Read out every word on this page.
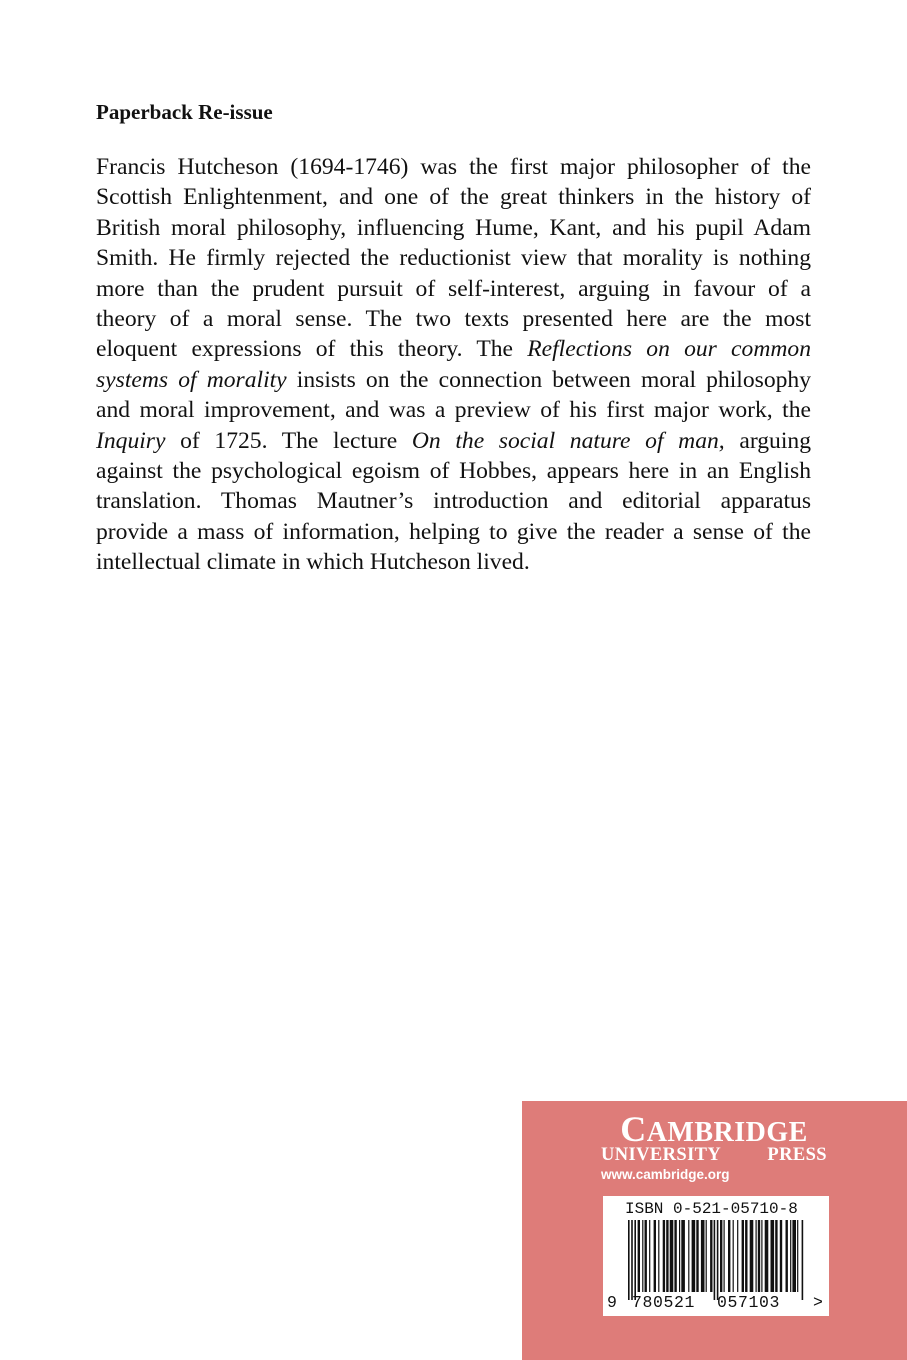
Paperback Re-issue
Francis Hutcheson (1694-1746) was the first major philosopher of the
Scottish Enlightenment, and one of the great thinkers in the history of
British moral philosophy, influencing Hume, Kant, and his pupil Adam
Smith. He firmly rejected the reductionist view that morality is nothing
more than the prudent pursuit of self-interest, arguing in favour of a
theory of a moral sense. The two texts presented here are the most
eloquent expressions of this theory. The Reflections on our common
systems of morality insists on the connection between moral philosophy
and moral improvement, and was a preview of his first major work, the
Inquiry of 1725. The lecture On the social nature of man, arguing
against the psychological egoism of Hobbes, appears here in an English
translation. Thomas Mautner’s introduction and editorial apparatus
provide a mass of information, helping to give the reader a sense of the
intellectual climate in which Hutcheson lived.
CAMBRIDGE
UNIVERSITY PRESS
www.cambridge.org
ISBN 0-521-05710-8
9 780521 057103 >
